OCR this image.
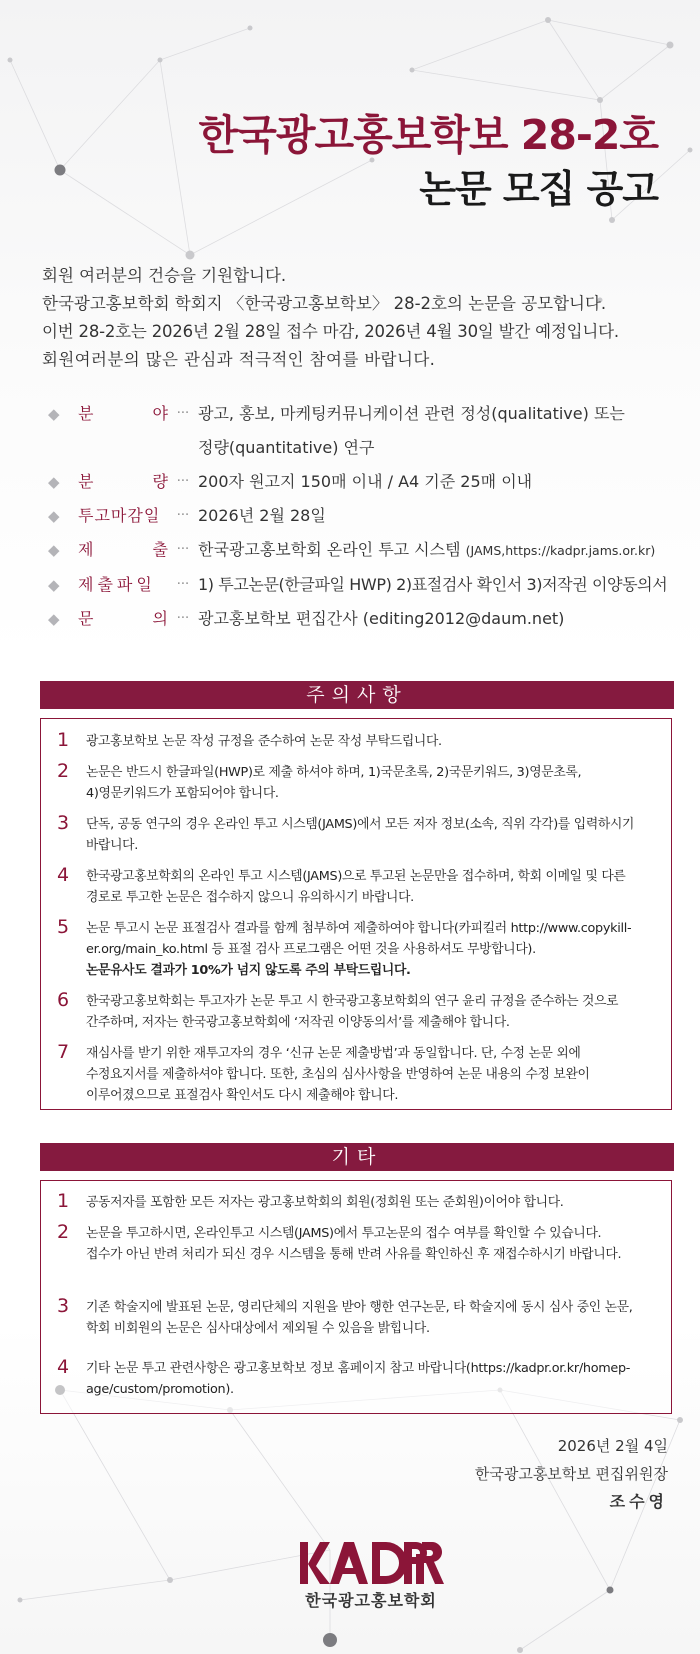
한국광고홍보학보 28-2호
논문 모집 공고
회원 여러분의 건승을 기원합니다.
한국광고홍보학회 학회지 〈한국광고홍보학보〉 28-2호의 논문을 공모합니다.
이번 28-2호는 2026년 2월 28일 접수 마감, 2026년 4월 30일 발간 예정입니다.
회원여러분의 많은 관심과 적극적인 참여를 바랍니다.
◆	분	야 ··· 광고, 홍보, 마케팅커뮤니케이션 관련 정성(qualitative) 또는
정량(quantitative) 연구
◆	분	량 ··· 200자 원고지 150매 이내 / A4 기준 25매 이내
◆	투고마감일	··· 2026년 2월 28일
◆	제	출 ··· 한국광고홍보학회 온라인 투고 시스템 (JAMS,https://kadpr.jams.or.kr)
◆	제출파일	··· 1) 투고논문(한글파일 HWP) 2)표절검사 확인서 3)저작권 이양동의서
◆	문	의 ··· 광고홍보학보 편집간사 (editing2012@daum.net)
주의사항
1 광고홍보학보 논문 작성 규정을 준수하여 논문 작성 부탁드립니다.
2 논문은 반드시 한글파일(HWP)로 제출 하셔야 하며, 1)국문초록, 2)국문키워드, 3)영문초록,
4)영문키워드가 포함되어야 합니다.
3 단독, 공동 연구의 경우 온라인 투고 시스템(JAMS)에서 모든 저자 정보(소속, 직위 각각)를 입력하시기
바랍니다.
4 한국광고홍보학회의 온라인 투고 시스템(JAMS)으로 투고된 논문만을 접수하며, 학회 이메일 및 다른
경로로 투고한 논문은 접수하지 않으니 유의하시기 바랍니다.
5 논문 투고시 논문 표절검사 결과를 함께 첨부하여 제출하여야 합니다(카피킬러 http://www.copykill-
er.org/main_ko.html 등 표절 검사 프로그램은 어떤 것을 사용하셔도 무방합니다).
논문유사도 결과가 10%가 넘지 않도록 주의 부탁드립니다.
6 한국광고홍보학회는 투고자가 논문 투고 시 한국광고홍보학회의 연구 윤리 규정을 준수하는 것으로
간주하며, 저자는 한국광고홍보학회에 ‘저작권 이양동의서’를 제출해야 합니다.
7 재심사를 받기 위한 재투고자의 경우 ‘신규 논문 제출방법’과 동일합니다. 단, 수정 논문 외에
수정요지서를 제출하셔야 합니다. 또한, 초심의 심사사항을 반영하여 논문 내용의 수정 보완이
이루어졌으므로 표절검사 확인서도 다시 제출해야 합니다.
기타
1 공동저자를 포함한 모든 저자는 광고홍보학회의 회원(정회원 또는 준회원)이어야 합니다.
2 논문을 투고하시면, 온라인투고 시스템(JAMS)에서 투고논문의 접수 여부를 확인할 수 있습니다.
접수가 아닌 반려 처리가 되신 경우 시스템을 통해 반려 사유를 확인하신 후 재접수하시기 바랍니다.
3 기존 학술지에 발표된 논문, 영리단체의 지원을 받아 행한 연구논문, 타 학술지에 동시 심사 중인 논문,
학회 비회원의 논문은 심사대상에서 제외될 수 있음을 밝힙니다.
4 기타 논문 투고 관련사항은 광고홍보학보 정보 홈페이지 참고 바랍니다(https://kadpr.or.kr/homep-
age/custom/promotion).
2026년 2월 4일
한국광고홍보학보 편집위원장
조수영
한국광고홍보학회
